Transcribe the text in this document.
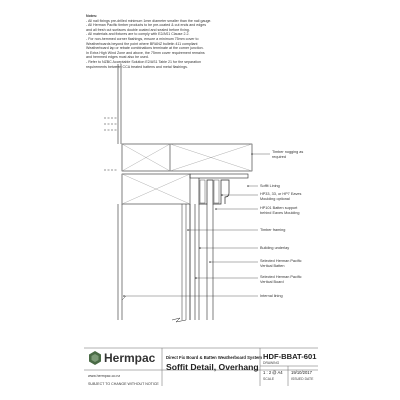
Notes:
- All nail fixings pre-drilled minimum 1mm diameter smaller than the nail gauge.
- All Herman Pacific timber products to be pre-coated & cut ends and edges
and all fresh cut surfaces double coated and sealed before fixing.
- All materials and fixtures are to comply with E2/AS1 Clause 2.2.
- For non-hemmed corner flashings, ensure a minimum 75mm cover to
Weatherboards beyond the point where BRANZ bulletin 411 compliant
Weatherboard lap or rebate combinations terminate at the corner junction.
In Extra High Wind Zone and above, the 75mm cover requirement remains
and hemmed edges must also be used.
- Refer to NZBC Acceptable Solution E2/AS1 Table 21 for the separation
requirements between CCA treated battens and metal flashings.
Timber nogging as
required
Soffit Lining
HP33, 33, or HP7 Eaves
Moulding optional
HP101 Batten support
behind Eaves Moulding
Timber framing
Building underlay
Selected Herman Pacific
Vertical Batten
Selected Herman Pacific
Vertical Board
Internal lining
Hermpac
www.hermpac.co.nz
SUBJECT TO CHANGE WITHOUT NOTICE
Direct Fix Board & Batten Weatherboard System
Soffit Detail, Overhang
HDF-BBAT-601
DRAWING
1 : 2 @ A4
SCALE
19/10/2017
ISSUED DATE
